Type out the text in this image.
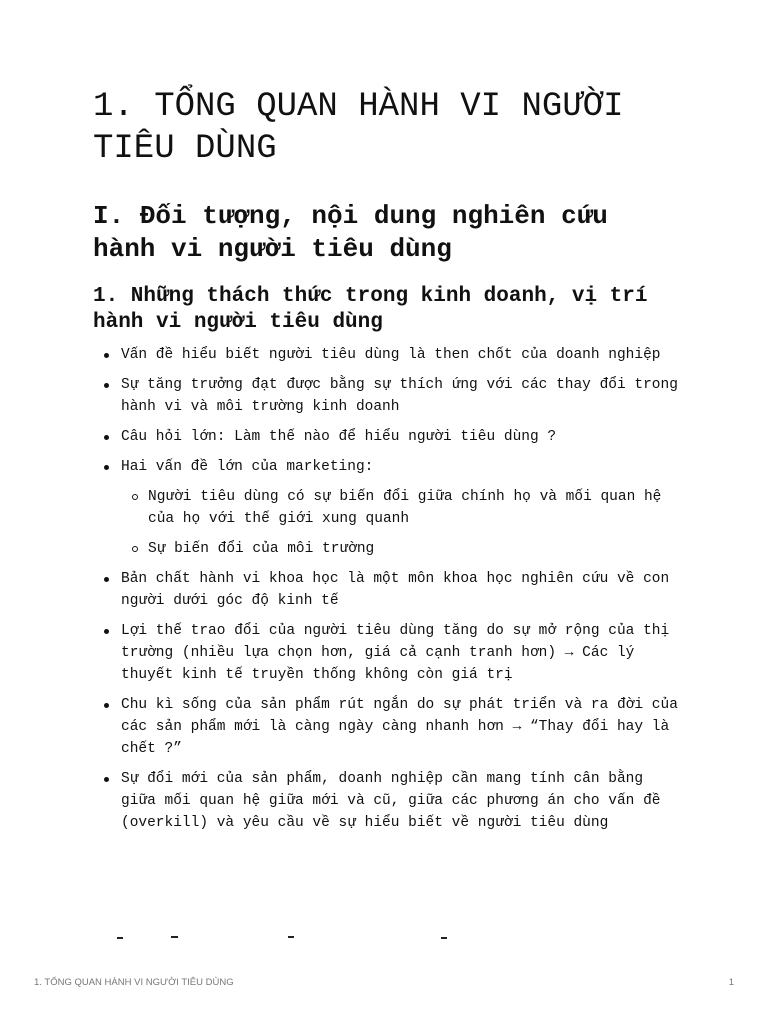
1. TỔNG QUAN HÀNH VI NGƯỜI TIÊU DÙNG
I. Đối tượng, nội dung nghiên cứu hành vi người tiêu dùng
1. Những thách thức trong kinh doanh, vị trí hành vi người tiêu dùng
Vấn đề hiểu biết người tiêu dùng là then chốt của doanh nghiệp
Sự tăng trưởng đạt được bằng sự thích ứng với các thay đổi trong hành vi và môi trường kinh doanh
Câu hỏi lớn: Làm thế nào để hiểu người tiêu dùng ?
Hai vấn đề lớn của marketing:
Người tiêu dùng có sự biến đổi giữa chính họ và mối quan hệ của họ với thế giới xung quanh
Sự biến đổi của môi trường
Bản chất hành vi khoa học là một môn khoa học nghiên cứu về con người dưới góc độ kinh tế
Lợi thế trao đổi của người tiêu dùng tăng do sự mở rộng của thị trường (nhiều lựa chọn hơn, giá cả cạnh tranh hơn) → Các lý thuyết kinh tế truyền thống không còn giá trị
Chu kì sống của sản phẩm rút ngắn do sự phát triển và ra đời của các sản phẩm mới là càng ngày càng nhanh hơn → “Thay đổi hay là chết ?”
Sự đổi mới của sản phẩm, doanh nghiệp cần mang tính cân bằng giữa mối quan hệ giữa mới và cũ, giữa các phương án cho vấn đề (overkill) và yêu cầu về sự hiểu biết về người tiêu dùng
1. TỔNG QUAN HÀNH VI NGƯỜI TIÊU DÙNG	1
